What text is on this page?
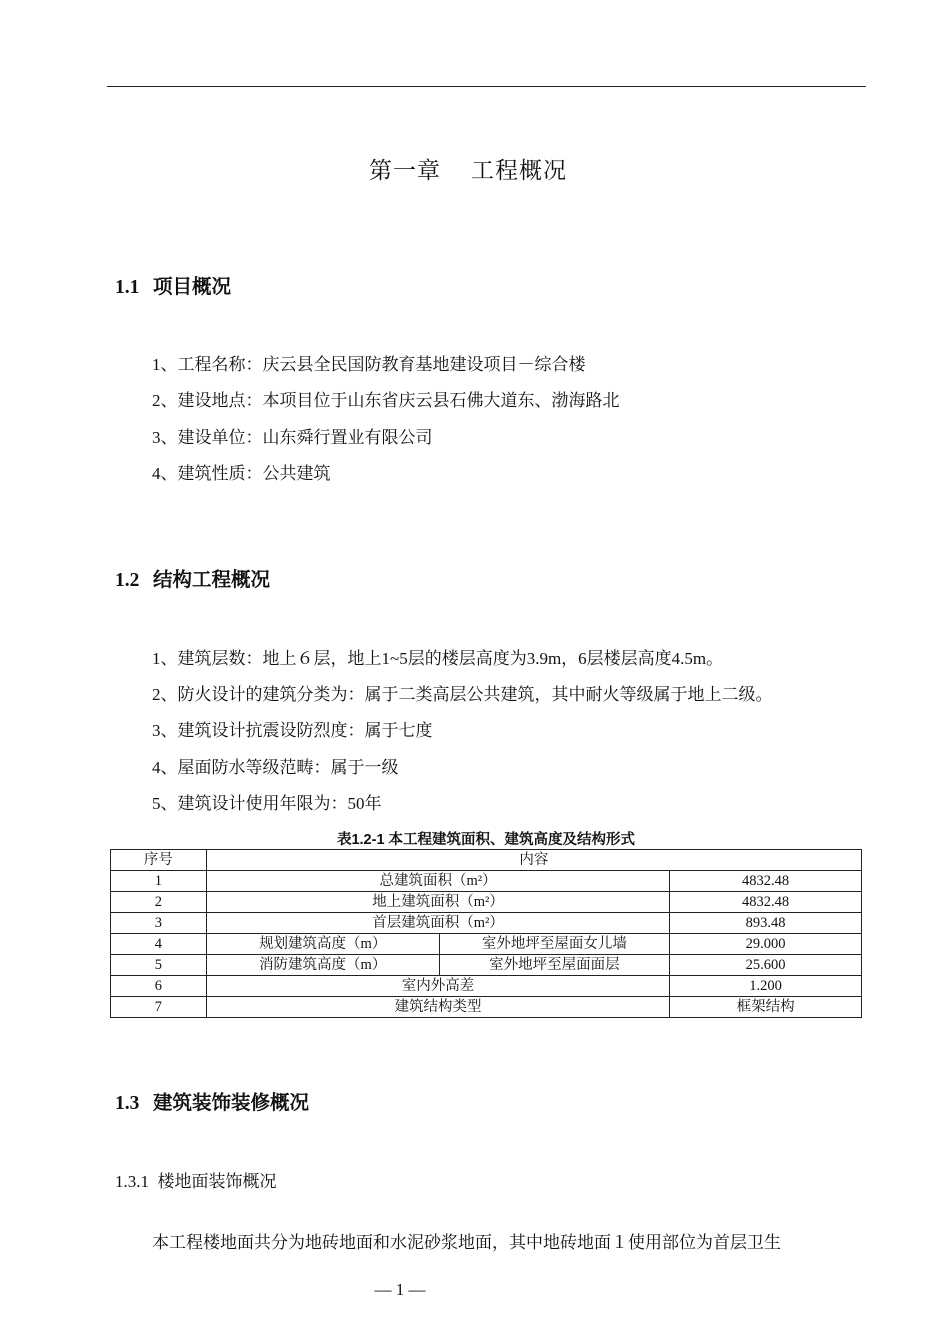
第一章 工程概况
1.1 项目概况
1、工程名称：庆云县全民国防教育基地建设项目－综合楼
2、建设地点：本项目位于山东省庆云县石佛大道东、渤海路北
3、建设单位：山东舜行置业有限公司
4、建筑性质：公共建筑
1.2 结构工程概况
1、建筑层数：地上６层，地上1~5层的楼层高度为3.9m，6层楼层高度4.5m。
2、防火设计的建筑分类为：属于二类高层公共建筑，其中耐火等级属于地上二级。
3、建筑设计抗震设防烈度：属于七度
4、屋面防水等级范畴：属于一级
5、建筑设计使用年限为：50年
表1.2-1 本工程建筑面积、建筑高度及结构形式
序号	内容		
1	总建筑面积（m²）		4832.48
2	地上建筑面积（m²）		4832.48
3	首层建筑面积（m²）		893.48
4	规划建筑高度（m）	室外地坪至屋面女儿墙	29.000
5	消防建筑高度（m）	室外地坪至屋面面层	25.600
6	室内外高差		1.200
7	建筑结构类型		框架结构
1.3 建筑装饰装修概况
1.3.1 楼地面装饰概况
本工程楼地面共分为地砖地面和水泥砂浆地面，其中地砖地面１使用部位为首层卫生
— 1 —
